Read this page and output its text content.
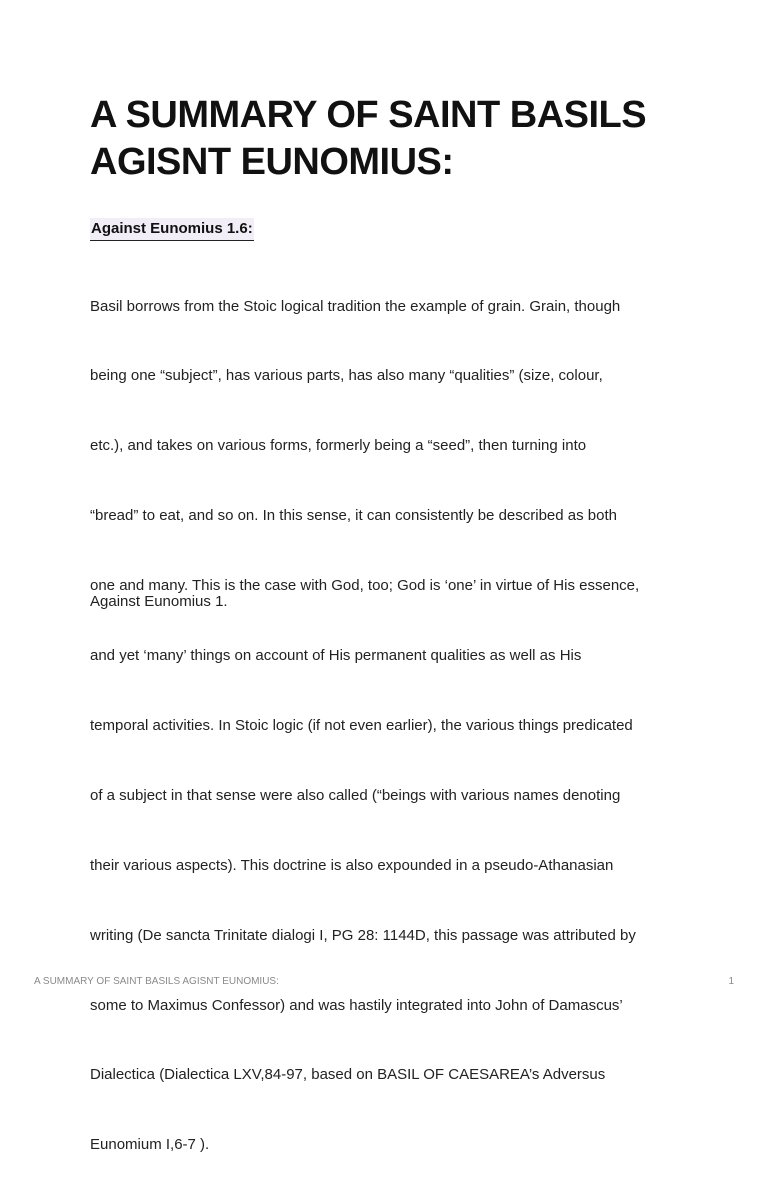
A SUMMARY OF SAINT BASILS AGISNT EUNOMIUS:
Against Eunomius 1.6:

Basil borrows from the Stoic logical tradition the example of grain. Grain, though

being one “subject”, has various parts, has also many “qualities” (size, colour,

etc.), and takes on various forms, formerly being a “seed”, then turning into

“bread” to eat, and so on. In this sense, it can consistently be described as both

one and many. This is the case with God, too; God is ‘one’ in virtue of His essence,

and yet ‘many’ things on account of His permanent qualities as well as His

temporal activities. In Stoic logic (if not even earlier), the various things predicated

of a subject in that sense were also called (“beings with various names denoting

their various aspects). This doctrine is also expounded in a pseudo-Athanasian

writing (De sancta Trinitate dialogi I, PG 28: 1144D, this passage was attributed by

some to Maximus Confessor) and was hastily integrated into John of Damascus’

Dialectica (Dialectica LXV,84-97, based on BASIL OF CAESAREA’s Adversus

Eunomium I,6-7 ).

Against Eunomius 1.

A SUMMARY OF SAINT BASILS AGISNT EUNOMIUS:	1
